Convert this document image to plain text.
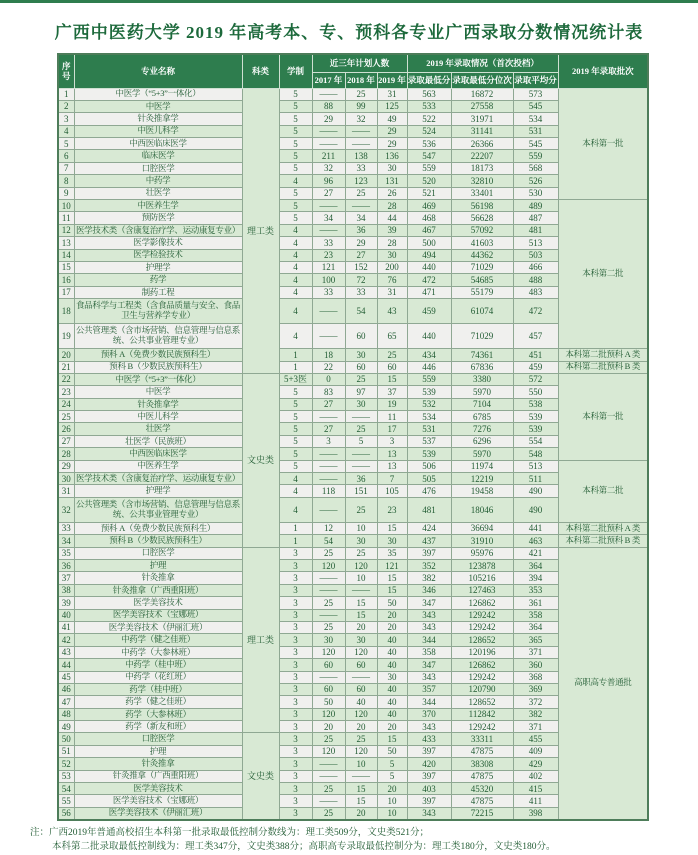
广西中医药大学 2019 年高考本、专、预科各专业广西录取分数情况统计表
序号	专业名称	科类	学制	近三年计划人数			2019 年录取情况（首次投档）			2019 年录取批次
				2017 年	2018 年	2019 年	录取最低分	录取最低分位次	录取平均分	
1	中医学（“5+3”一体化）	理工类	5	——	25	31	563	16872	573	本科第一批
2	中医学		5	88	99	125	533	27558	545	
3	针灸推拿学		5	29	32	49	522	31971	534	
4	中医儿科学		5	——	——	29	524	31141	531	
5	中西医临床医学		5	——	——	29	536	26366	545	
6	临床医学		5	211	138	136	547	22207	559	
7	口腔医学		5	32	33	30	559	18173	568	
8	中药学		4	96	123	131	520	32810	526	
9	壮医学		5	27	25	26	521	33401	530	
10	中医养生学		5	——	——	28	469	56198	489	本科第二批
11	预防医学		5	34	34	44	468	56628	487	
12	医学技术类（含康复治疗学、运动康复专业）		4	——	36	39	467	57092	481	
13	医学影像技术		4	33	29	28	500	41603	513	
14	医学检验技术		4	23	27	30	494	44362	503	
15	护理学		4	121	152	200	440	71029	466	
16	药学		4	100	72	76	472	54685	488	
17	制药工程		4	33	33	31	471	55179	483	
18	食品科学与工程类（含食品质量与安全、食品卫生与营养学专业）		4	——	54	43	459	61074	472	
19	公共管理类（含市场营销、信息管理与信息系统、公共事业管理专业）		4	——	60	65	440	71029	457	
20	预科 A（免费少数民族预科生）		1	18	30	25	434	74361	451	本科第二批预科 A 类
21	预科 B（少数民族预科生）		1	22	60	60	446	67836	459	本科第二批预科 B 类
22	中医学（“5+3”一体化）	文史类	5+3医	0	25	15	559	3380	572	本科第一批
23	中医学		5	83	97	37	539	5970	550	
24	针灸推拿学		5	27	30	19	532	7104	538	
25	中医儿科学		5	——	——	11	534	6785	539	
26	壮医学		5	27	25	17	531	7276	539	
27	壮医学（民族班）		5	3	5	3	537	6296	554	
28	中西医临床医学		5	——	——	13	539	5970	548	
29	中医养生学		5	——	——	13	506	11974	513	本科第二批
30	医学技术类（含康复治疗学、运动康复专业）		4	——	36	7	505	12219	511	
31	护理学		4	118	151	105	476	19458	490	
32	公共管理类（含市场营销、信息管理与信息系统、公共事业管理专业）		4	——	25	23	481	18046	490	
33	预科 A（免费少数民族预科生）		1	12	10	15	424	36694	441	本科第二批预科 A 类
34	预科 B（少数民族预科生）		1	54	30	30	437	31910	463	本科第二批预科 B 类
35	口腔医学	理工类	3	25	25	35	397	95976	421	高职高专普通批
36	护理		3	120	120	121	352	123878	364	
37	针灸推拿		3	——	10	15	382	105216	394	
38	针灸推拿（广西重阳班）		3	——	——	15	346	127463	353	
39	医学美容技术		3	25	15	50	347	126862	361	
40	医学美容技术（宝娜班）		3	——	15	20	343	129242	358	
41	医学美容技术（伊丽汇班）		3	25	20	20	343	129242	364	
42	中药学（健之佳班）		3	30	30	40	344	128652	365	
43	中药学（大参林班）		3	120	120	40	358	120196	371	
44	中药学（桂中班）		3	60	60	40	347	126862	360	
45	中药学（花红班）		3	——	——	30	343	129242	368	
46	药学（桂中班）		3	60	60	40	357	120790	369	
47	药学（健之佳班）		3	50	40	40	344	128652	372	
48	药学（大参林班）		3	120	120	40	370	112842	382	
49	药学（新友和班）		3	20	20	20	343	129242	371	
50	口腔医学	文史类	3	25	25	15	433	33311	455	
51	护理		3	120	120	50	397	47875	409	
52	针灸推拿		3	——	10	5	420	38308	429	
53	针灸推拿（广西重阳班）		3	——	——	5	397	47875	402	
54	医学美容技术		3	25	15	20	403	45320	415	
55	医学美容技术（宝娜班）		3	——	15	10	397	47875	411	
56	医学美容技术（伊丽汇班）		3	25	20	10	343	72215	398	
注：广西2019年普通高校招生本科第一批录取最低控制分数线为：理工类509分，文史类521分；
本科第二批录取最低控制线为：理工类347分，文史类388分；高职高专录取最低控制分为：理工类180分，文史类180分。
